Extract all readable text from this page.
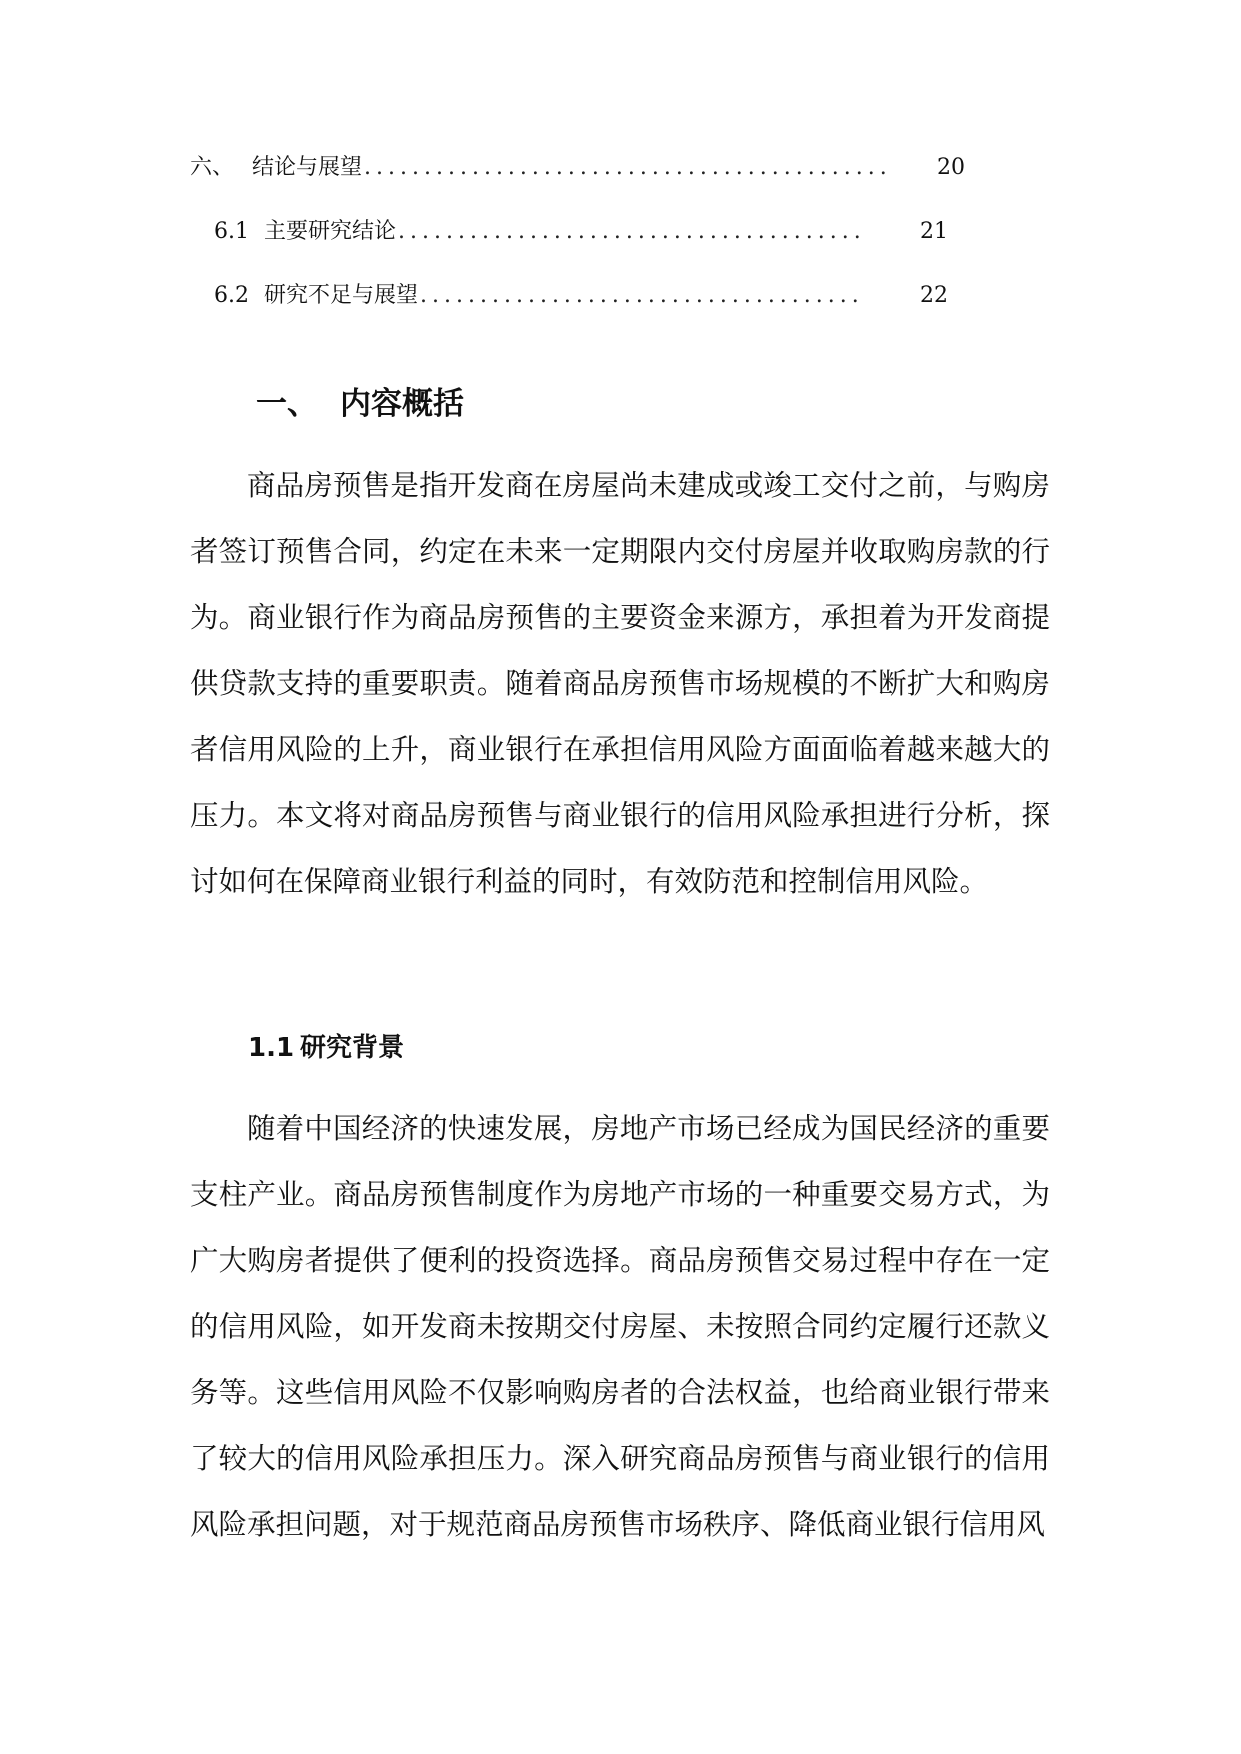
六、 结论与展望 ............................................	20
6.1 主要研究结论 .......................................	21
6.2 研究不足与展望 .....................................	22
一、 内容概括

商品房预售是指开发商在房屋尚未建成或竣工交付之前，与购房者签订预售合同，约定在未来一定期限内交付房屋并收取购房款的行为。商业银行作为商品房预售的主要资金来源方，承担着为开发商提供贷款支持的重要职责。随着商品房预售市场规模的不断扩大和购房者信用风险的上升，商业银行在承担信用风险方面面临着越来越大的压力。本文将对商品房预售与商业银行的信用风险承担进行分析，探讨如何在保障商业银行利益的同时，有效防范和控制信用风险。

1.1 研究背景

随着中国经济的快速发展，房地产市场已经成为国民经济的重要支柱产业。商品房预售制度作为房地产市场的一种重要交易方式，为广大购房者提供了便利的投资选择。商品房预售交易过程中存在一定的信用风险，如开发商未按期交付房屋、未按照合同约定履行还款义务等。这些信用风险不仅影响购房者的合法权益，也给商业银行带来了较大的信用风险承担压力。深入研究商品房预售与商业银行的信用风险承担问题，对于规范商品房预售市场秩序、降低商业银行信用风
